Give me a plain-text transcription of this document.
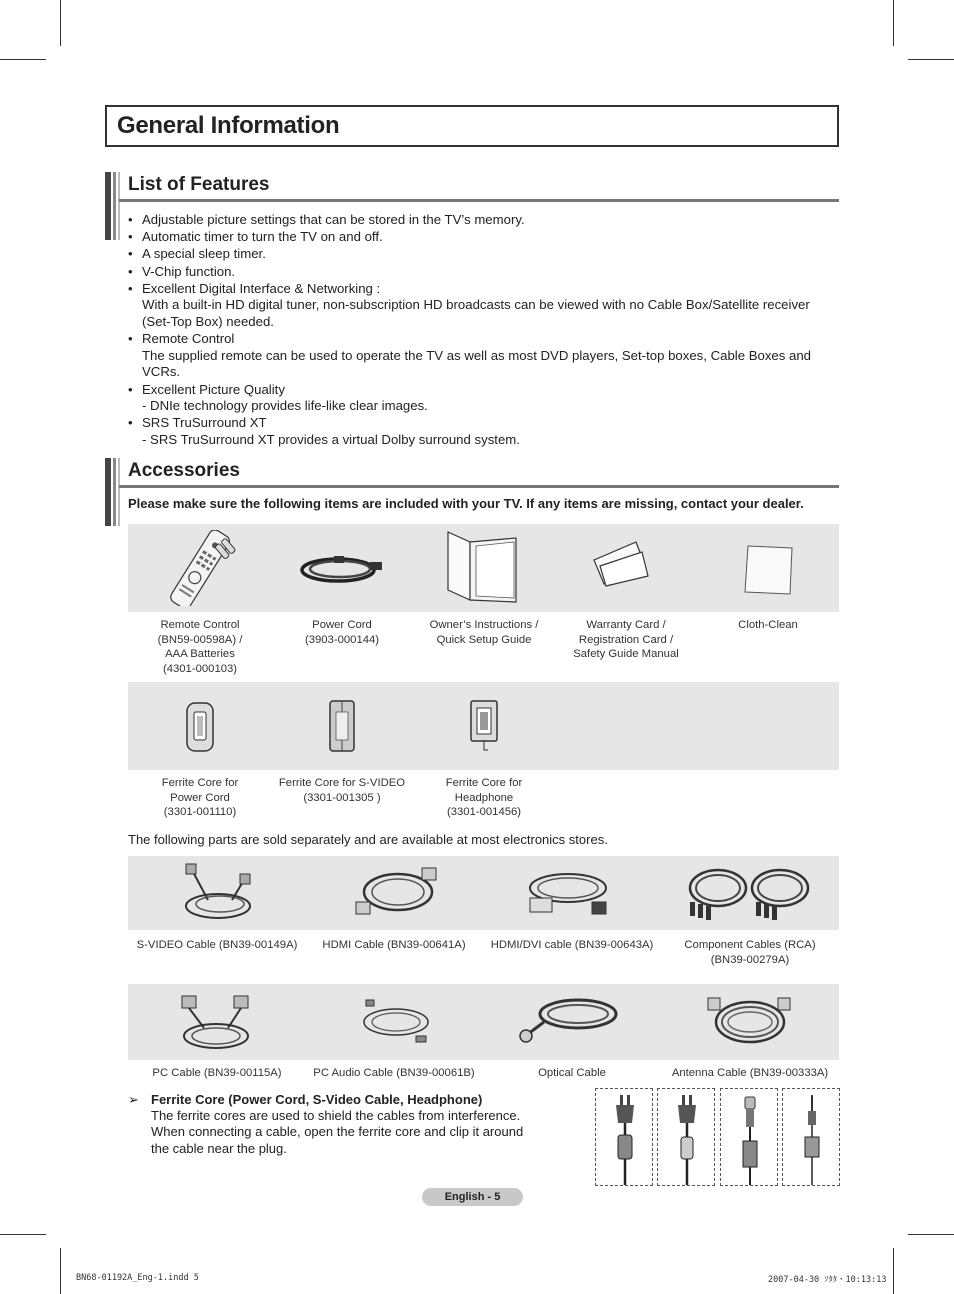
General Information
List of Features
• Adjustable picture settings that can be stored in the TV’s memory.
• Automatic timer to turn the TV on and off.
• A special sleep timer.
• V-Chip function.
• Excellent Digital Interface & Networking :
With a built-in HD digital tuner, non-subscription HD broadcasts can be viewed with no Cable Box/Satellite receiver (Set-Top Box) needed.
• Remote Control
The supplied remote can be used to operate the TV as well as most DVD players, Set-top boxes, Cable Boxes and VCRs.
• Excellent Picture Quality
- DNIe technology provides life-like clear images.
• SRS TruSurround XT
- SRS TruSurround XT provides a virtual Dolby surround system.
Accessories
Please make sure the following items are included with your TV. If any items are missing, contact your dealer.
Remote Control
(BN59-00598A) /
AAA Batteries
(4301-000103)
Power Cord
(3903-000144)
Owner’s Instructions /
Quick Setup Guide
Warranty Card /
Registration Card /
Safety Guide Manual
Cloth-Clean
Ferrite Core for
Power Cord
(3301-001110)
Ferrite Core for S-VIDEO
(3301-001305 )
Ferrite Core for
Headphone
(3301-001456)
The following parts are sold separately and are available at most electronics stores.
S-VIDEO Cable (BN39-00149A)	HDMI Cable (BN39-00641A)	HDMI/DVI cable (BN39-00643A)	Component Cables (RCA)
(BN39-00279A)
PC Cable (BN39-00115A)	PC Audio Cable (BN39-00061B)	Optical Cable	Antenna Cable (BN39-00333A)
➢ Ferrite Core (Power Cord, S-Video Cable, Headphone)
The ferrite cores are used to shield the cables from interference. When connecting a cable, open the ferrite core and clip it around the cable near the plug.
English - 5
BN68-01192A_Eng-1.indd 5	2007-04-30 ｿﾀﾀ・10:13:13
